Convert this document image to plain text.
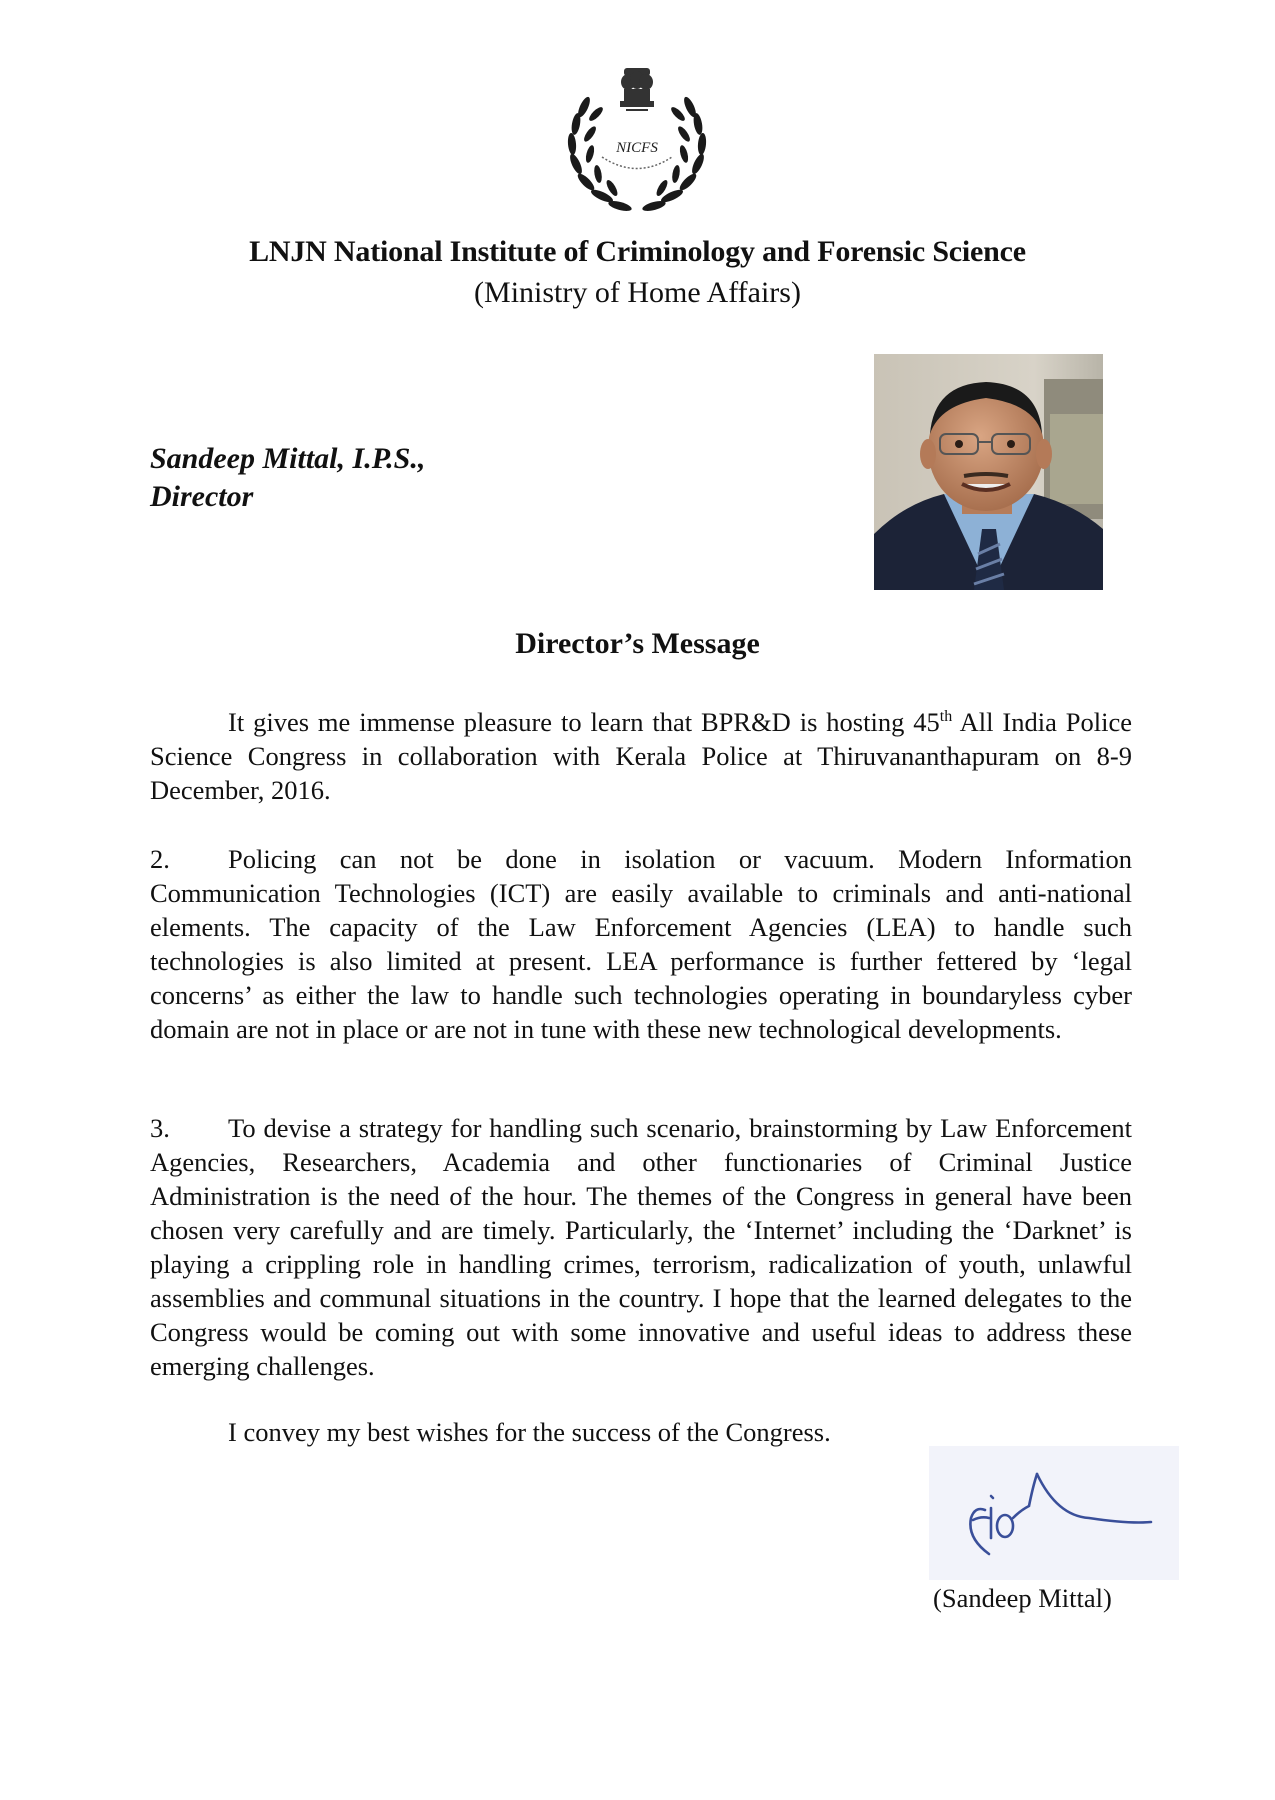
NICFS
LNJN National Institute of Criminology and Forensic Science
(Ministry of Home Affairs)
Sandeep Mittal, I.P.S.,
Director
Director’s Message

It gives me immense pleasure to learn that BPR&D is hosting 45th All India Police Science Congress in collaboration with Kerala Police at Thiruvananthapuram on 8-9 December, 2016.

2. Policing can not be done in isolation or vacuum. Modern Information Communication Technologies (ICT) are easily available to criminals and anti-national elements. The capacity of the Law Enforcement Agencies (LEA) to handle such technologies is also limited at present. LEA performance is further fettered by ‘legal concerns’ as either the law to handle such technologies operating in boundaryless cyber domain are not in place or are not in tune with these new technological developments.

3. To devise a strategy for handling such scenario, brainstorming by Law Enforcement Agencies, Researchers, Academia and other functionaries of Criminal Justice Administration is the need of the hour. The themes of the Congress in general have been chosen very carefully and are timely. Particularly, the ‘Internet’ including the ‘Darknet’ is playing a crippling role in handling crimes, terrorism, radicalization of youth, unlawful assemblies and communal situations in the country. I hope that the learned delegates to the Congress would be coming out with some innovative and useful ideas to address these emerging challenges.

I convey my best wishes for the success of the Congress.

(Sandeep Mittal)
